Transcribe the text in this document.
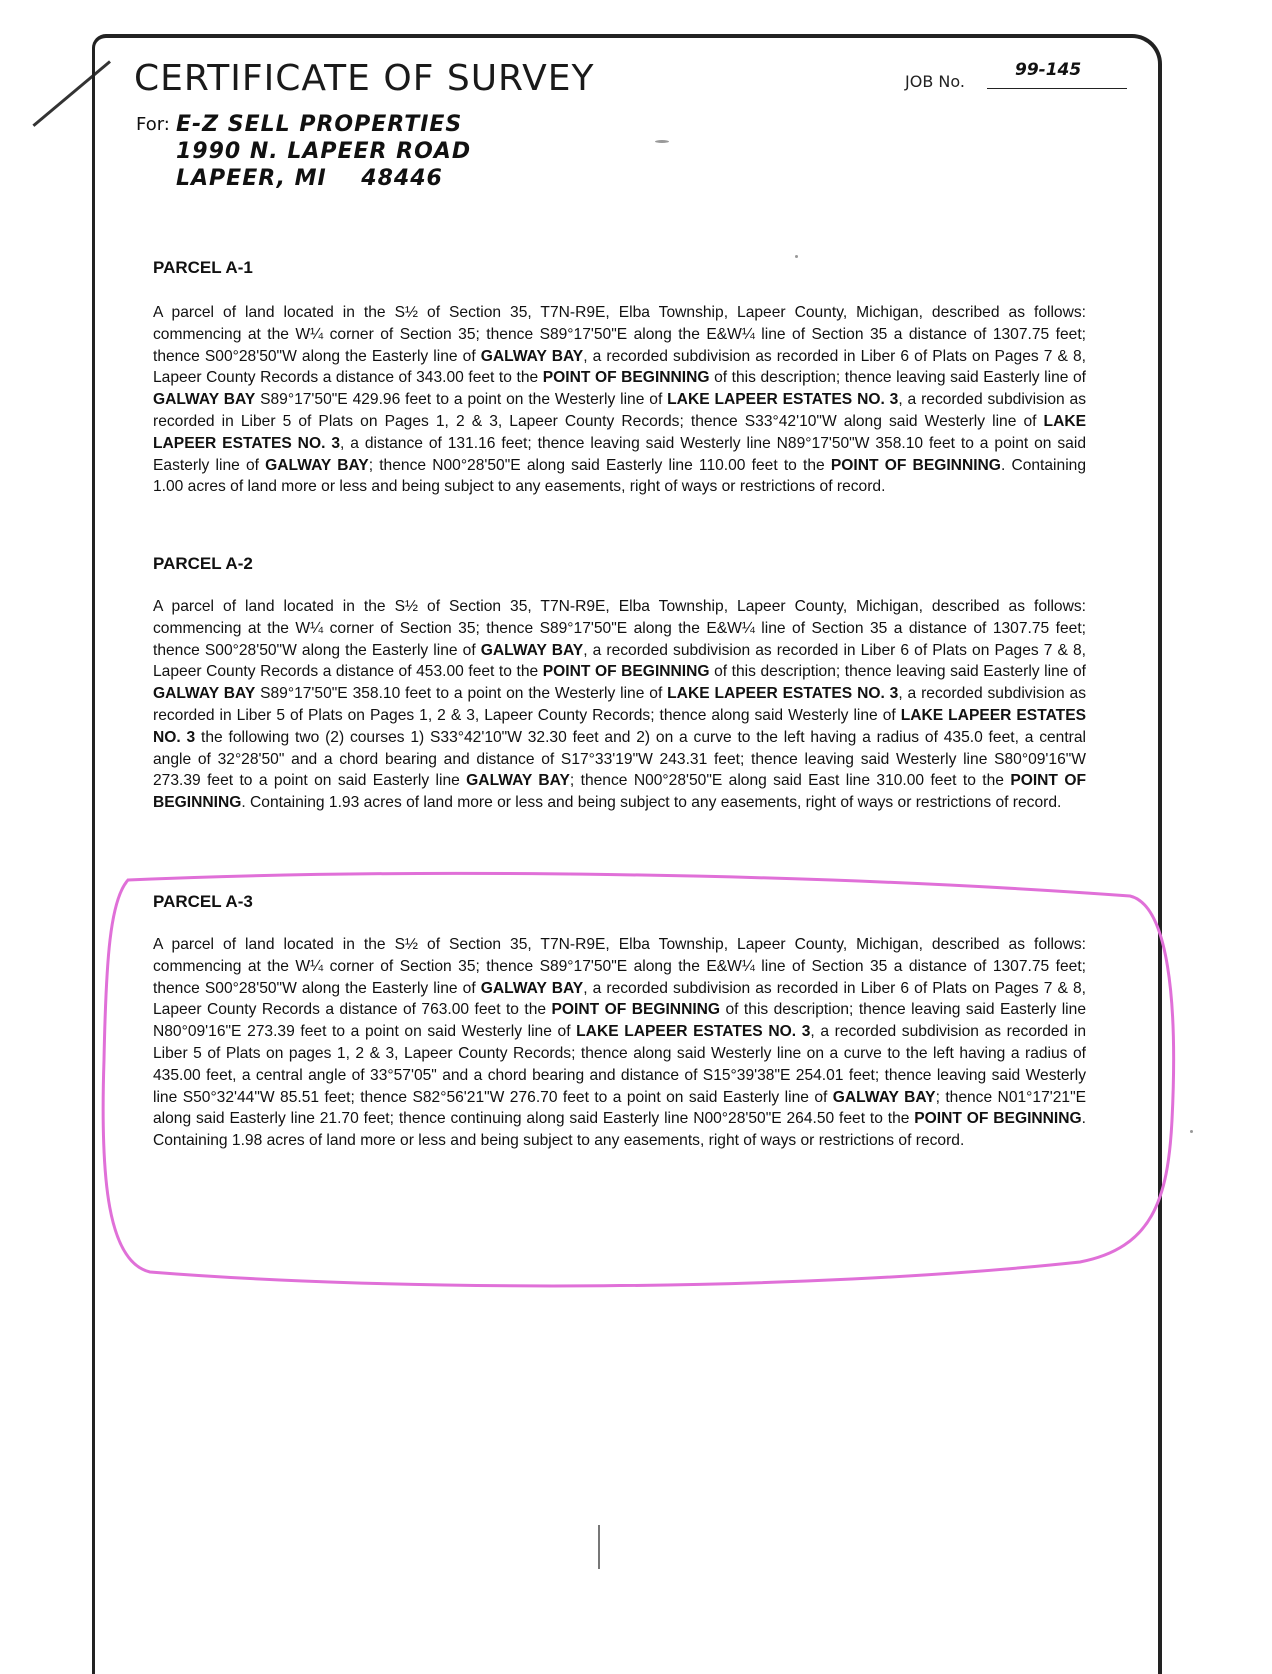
CERTIFICATE OF SURVEY	JOB No.
99-145
For: E-Z SELL PROPERTIES
1990 N. LAPEER ROAD
LAPEER, MI    48446
PARCEL A-1

A parcel of land located in the S½ of Section 35, T7N-R9E, Elba Township, Lapeer County, Michigan, described as follows: commencing at the W¼ corner of Section 35; thence S89°17'50"E along the E&W¼ line of Section 35 a distance of 1307.75 feet; thence S00°28'50"W along the Easterly line of GALWAY BAY, a recorded subdivision as recorded in Liber 6 of Plats on Pages 7 & 8, Lapeer County Records a distance of 343.00 feet to the POINT OF BEGINNING of this description; thence leaving said Easterly line of GALWAY BAY S89°17'50"E 429.96 feet to a point on the Westerly line of LAKE LAPEER ESTATES NO. 3, a recorded subdivision as recorded in Liber 5 of Plats on Pages 1, 2 & 3, Lapeer County Records; thence S33°42'10"W along said Westerly line of LAKE LAPEER ESTATES NO. 3, a distance of 131.16 feet; thence leaving said Westerly line N89°17'50"W 358.10 feet to a point on said Easterly line of GALWAY BAY; thence N00°28'50"E along said Easterly line 110.00 feet to the POINT OF BEGINNING. Containing 1.00 acres of land more or less and being subject to any easements, right of ways or restrictions of record.

PARCEL A-2

A parcel of land located in the S½ of Section 35, T7N-R9E, Elba Township, Lapeer County, Michigan, described as follows: commencing at the W¼ corner of Section 35; thence S89°17'50"E along the E&W¼ line of Section 35 a distance of 1307.75 feet; thence S00°28'50"W along the Easterly line of GALWAY BAY, a recorded subdivision as recorded in Liber 6 of Plats on Pages 7 & 8, Lapeer County Records a distance of 453.00 feet to the POINT OF BEGINNING of this description; thence leaving said Easterly line of GALWAY BAY S89°17'50"E 358.10 feet to a point on the Westerly line of LAKE LAPEER ESTATES NO. 3, a recorded subdivision as recorded in Liber 5 of Plats on Pages 1, 2 & 3, Lapeer County Records; thence along said Westerly line of LAKE LAPEER ESTATES NO. 3 the following two (2) courses 1) S33°42'10"W 32.30 feet and 2) on a curve to the left having a radius of 435.0 feet, a central angle of 32°28'50" and a chord bearing and distance of S17°33'19"W 243.31 feet; thence leaving said Westerly line S80°09'16"W 273.39 feet to a point on said Easterly line GALWAY BAY; thence N00°28'50"E along said East line 310.00 feet to the POINT OF BEGINNING. Containing 1.93 acres of land more or less and being subject to any easements, right of ways or restrictions of record.

PARCEL A-3

A parcel of land located in the S½ of Section 35, T7N-R9E, Elba Township, Lapeer County, Michigan, described as follows: commencing at the W¼ corner of Section 35; thence S89°17'50"E along the E&W¼ line of Section 35 a distance of 1307.75 feet; thence S00°28'50"W along the Easterly line of GALWAY BAY, a recorded subdivision as recorded in Liber 6 of Plats on Pages 7 & 8, Lapeer County Records a distance of 763.00 feet to the POINT OF BEGINNING of this description; thence leaving said Easterly line N80°09'16"E 273.39 feet to a point on said Westerly line of LAKE LAPEER ESTATES NO. 3, a recorded subdivision as recorded in Liber 5 of Plats on pages 1, 2 & 3, Lapeer County Records; thence along said Westerly line on a curve to the left having a radius of 435.00 feet, a central angle of 33°57'05" and a chord bearing and distance of S15°39'38"E 254.01 feet; thence leaving said Westerly line S50°32'44"W 85.51 feet; thence S82°56'21"W 276.70 feet to a point on said Easterly line of GALWAY BAY; thence N01°17'21"E along said Easterly line 21.70 feet; thence continuing along said Easterly line N00°28'50"E 264.50 feet to the POINT OF BEGINNING. Containing 1.98 acres of land more or less and being subject to any easements, right of ways or restrictions of record.
